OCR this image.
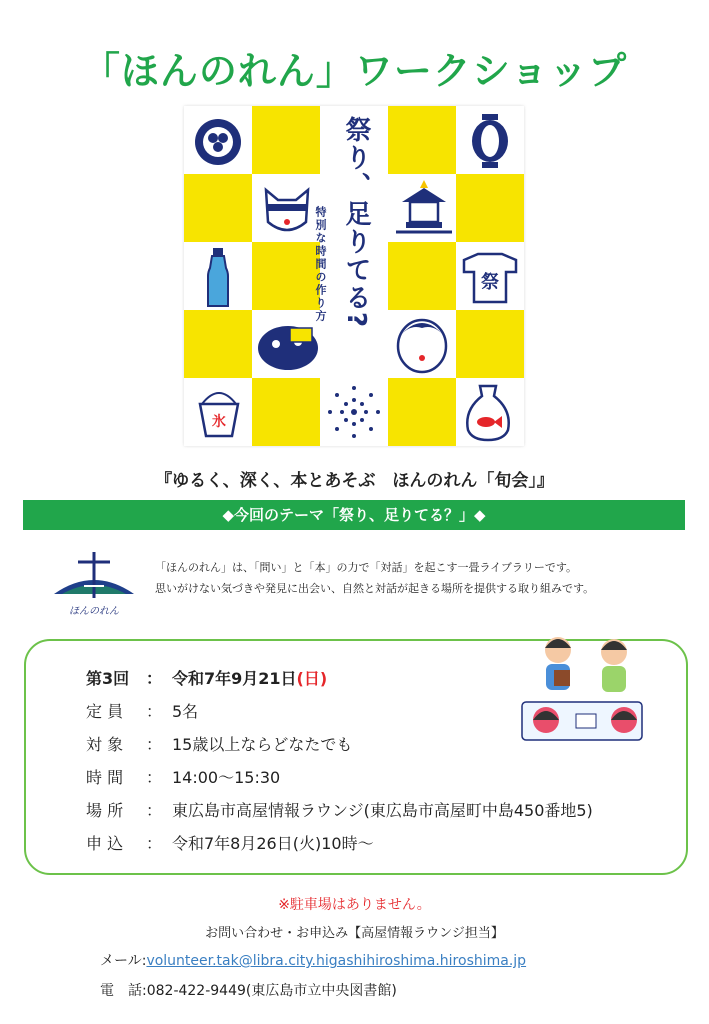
「ほんのれん」ワークショップ
祭
氷
祭り、足りてる?
特別な時間の作り方
『ゆるく、深く、本とあそぶ　ほんのれん「旬会」』
◆今回のテーマ「祭り、足りてる？」◆
ほんのれん
「ほんのれん」は、「問い」と「本」の力で「対話」を起こす一畳ライブラリーです。
思いがけない気づきや発見に出会い、自然と対話が起きる場所を提供する取り組みです。
第3回 ： 令和7年9月21日(日)
定 員 ： 5名
対 象 ： 15歳以上ならどなたでも
時 間 ： 14:00～15:30
場 所 ： 東広島市高屋情報ラウンジ(東広島市高屋町中島450番地5)
申 込 ： 令和7年8月26日(火)10時～
※駐車場はありません。
お問い合わせ・お申込み【高屋情報ラウンジ担当】
メール:volunteer.tak@libra.city.higashihiroshima.hiroshima.jp
電　話:082-422-9449(東広島市立中央図書館)
